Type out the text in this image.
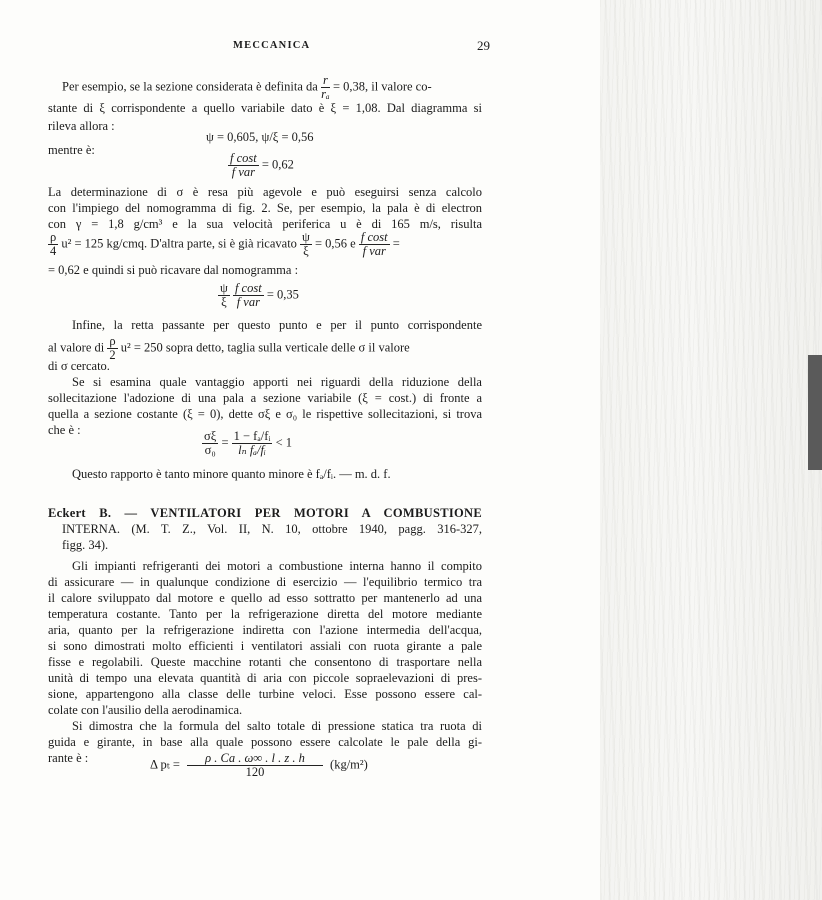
MECCANICA	29
Per esempio, se la sezione considerata è definita da $\frac{r}{\text{rₐ}} = 0,38$, il valore co-
stante di ξ corrispondente a quello variabile dato è ξ = 1,08. Dal diagramma si
rileva allora :
ψ = 0,605, ψ/ξ = 0,56
mentre è:
$\frac{\text{f cost}}{\text{f var}} = 0,62$
La determinazione di σ è resa più agevole e può eseguirsi senza calcolo
con l'impiego del nomogramma di fig. 2. Se, per esempio, la pala è di electron
con γ = 1,8 g/cm³ e la sua velocità periferica u è di 165 m/s, risulta
$\frac{\rho}{4} u^2 = 125$ kg/cmq. D'altra parte, si è già ricavato $\frac{\psi}{\xi} = 0,56$ e $\frac{\text{f cost}}{\text{f var}}$ =
= 0,62 e quindi si può ricavare dal nomogramma :
$\frac{\psi}{\xi}$
$\frac{\text{f cost}}{\text{f var}} = 0,35$
Infine, la retta passante per questo punto e per il punto corrispondente
al valore di $\frac{\rho}{2} u^2 = 250$ sopra detto, taglia sulla verticale delle σ il valore
di σ cercato.
Se si esamina quale vantaggio apporti nei riguardi della riduzione della
sollecitazione l'adozione di una pala a sezione variabile (ξ = cost.) di fronte a
quella a sezione costante (ξ = 0), dette σξ e σ₀ le rispettive sollecitazioni, si trova
che è :	$\frac{\sigma\xi}{\text{σ₀}} = \frac{\text{1 − fₐ/fᵢ}}{\text{lₙ fₐ/fᵢ}} < 1$
Questo rapporto è tanto minore quanto minore è fₐ/fᵢ. — m. d. f.
Eckert B. — VENTILATORI PER MOTORI A COMBUSTIONE
INTERNA. (M. T. Z., Vol. II, N. 10, ottobre 1940, pagg. 316-327,
figg. 34).
Gli impianti refrigeranti dei motori a combustione interna hanno il compito
di assicurare — in qualunque condizione di esercizio — l'equilibrio termico tra
il calore sviluppato dal motore e quello ad esso sottratto per mantenerlo ad una
temperatura costante. Tanto per la refrigerazione diretta del motore mediante
aria, quanto per la refrigerazione indiretta con l'azione intermedia dell'acqua,
si sono dimostrati molto efficienti i ventilatori assiali con ruota girante a pale
fisse e regolabili. Queste macchine rotanti che consentono di trasportare nella
unità di tempo una elevata quantità di aria con piccole sopraelevazioni di pres-
sione, appartengono alla classe delle turbine veloci. Esse possono essere cal-
colate con l'ausilio della aerodinamica.
Si dimostra che la formula del salto totale di pressione statica tra ruota di
guida e girante, in base alla quale possono essere calcolate le pale della gi-
rante è :	Δ $p_t = \frac{\rho . Ca . \omega\infty . l . z . h}{120} (kg/m^2)$
